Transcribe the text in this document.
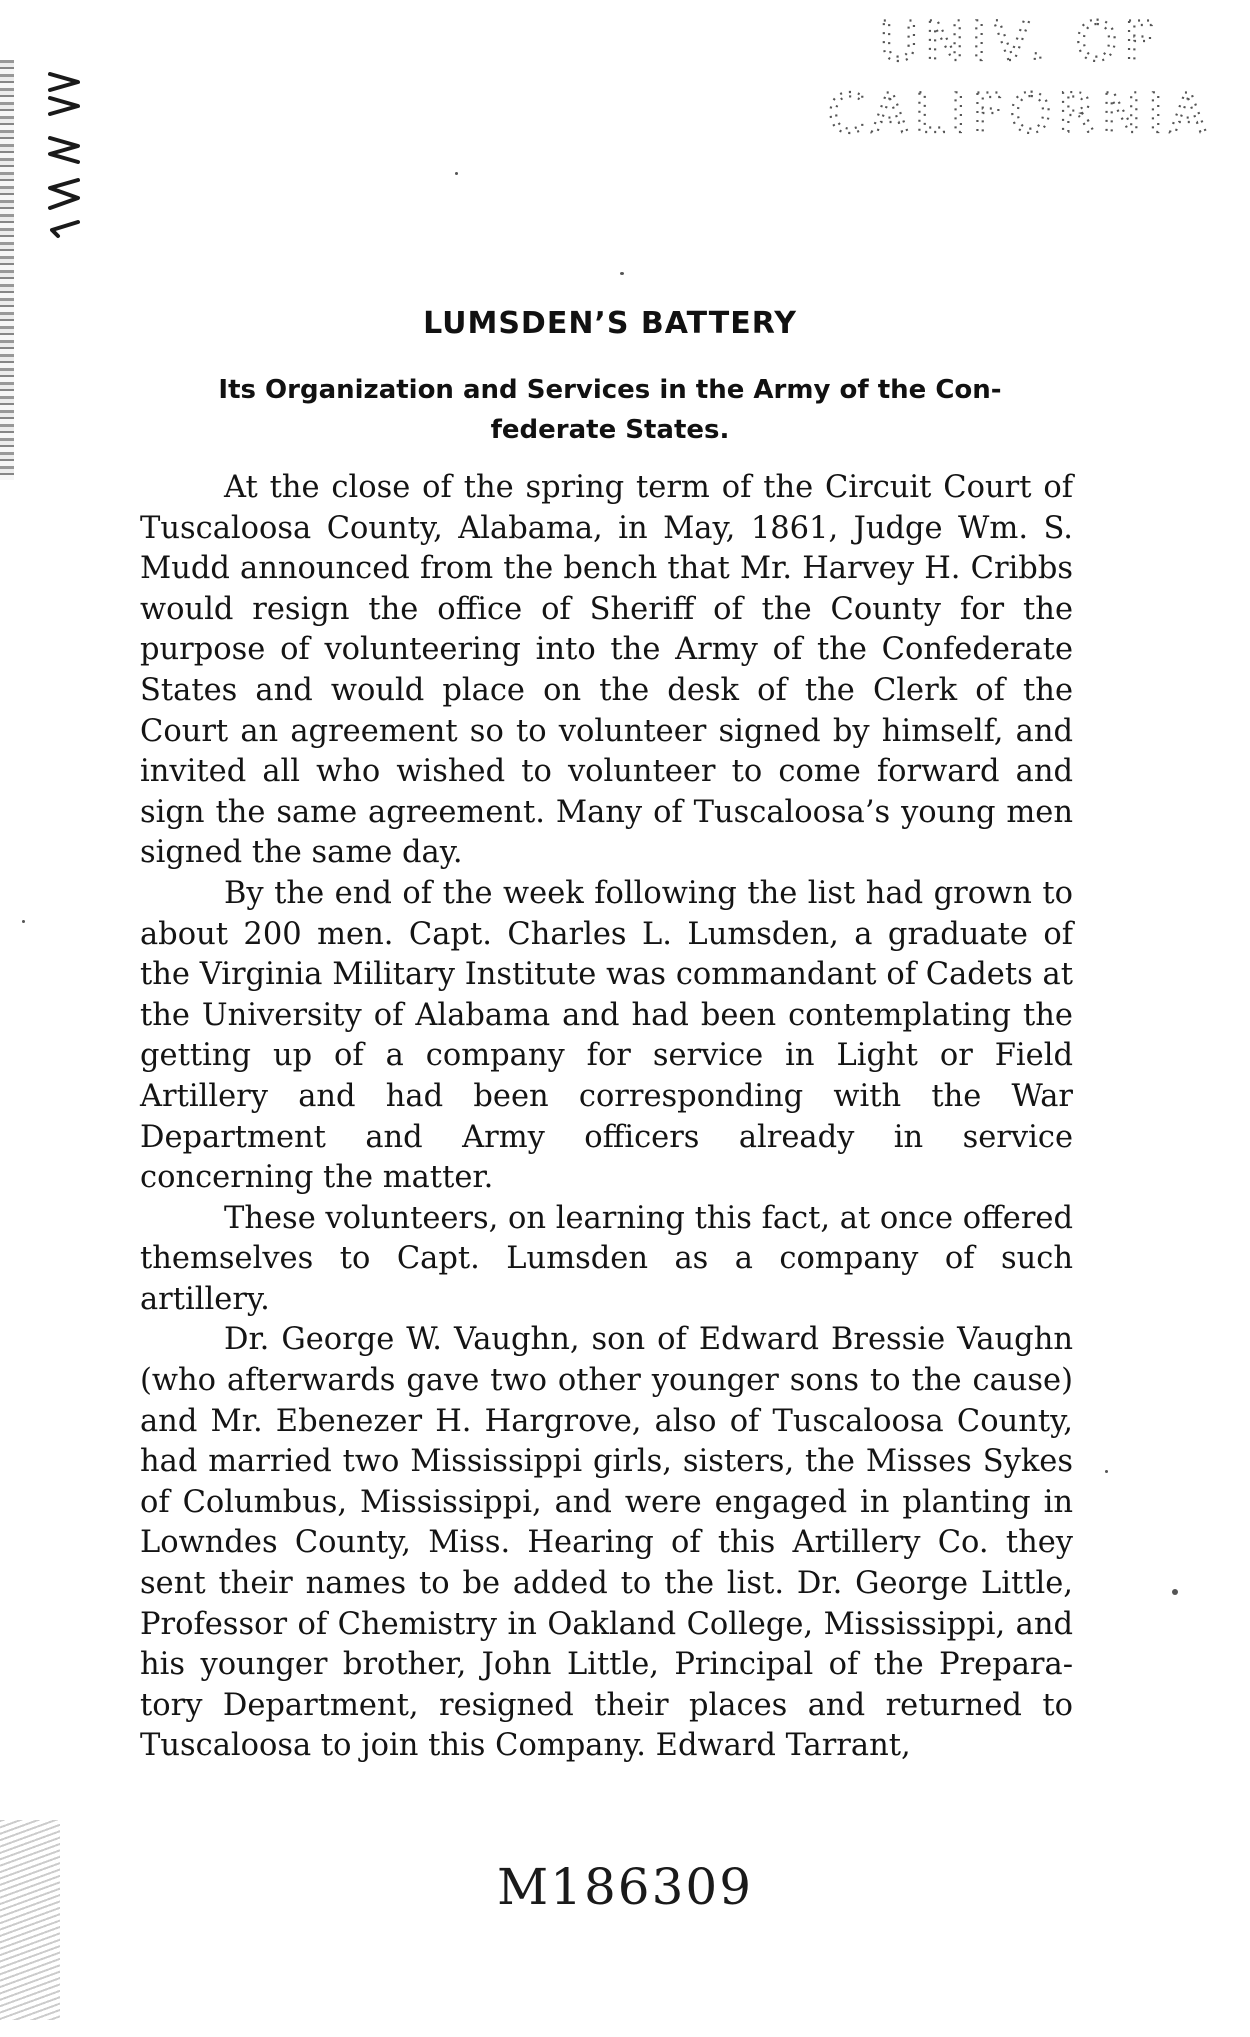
UNIV. OF
CALIFORNIA
LUMSDEN’S BATTERY
Its Organization and Services in the Army of the Con-
federate States.

At the close of the spring term of the Circuit Court of Tuscaloosa County, Alabama, in May, 1861, Judge Wm. S. Mudd announced from the bench that Mr. Harvey H. Cribbs would resign the office of Sheriff of the County for the purpose of volunteering into the Army of the Confederate States and would place on the desk of the Clerk of the Court an agreement so to volunteer signed by himself, and invited all who wished to volunteer to come forward and sign the same agreement. Many of Tuscaloosa’s young men signed the same day.

By the end of the week following the list had grown to about 200 men. Capt. Charles L. Lumsden, a graduate of the Virginia Military Institute was commandant of Cadets at the University of Alabama and had been contemplating the getting up of a company for service in Light or Field Artillery and had been corresponding with the War Department and Army officers already in service concerning the matter.

These volunteers, on learning this fact, at once offered themselves to Capt. Lumsden as a company of such artillery.

Dr. George W. Vaughn, son of Edward Bressie Vaughn (who afterwards gave two other younger sons to the cause) and Mr. Ebenezer H. Hargrove, also of Tuscaloosa County, had married two Mississippi girls, sisters, the Misses Sykes of Columbus, Mississippi, and were engaged in planting in Lowndes County, Miss. Hearing of this Artillery Co. they sent their names to be added to the list. Dr. George Little, Professor of Chemistry in Oakland College, Mississippi, and his younger brother, John Little, Principal of the Preparatory Department, resigned their places and returned to Tuscaloosa to join this Company. Edward Tarrant,

M186309
